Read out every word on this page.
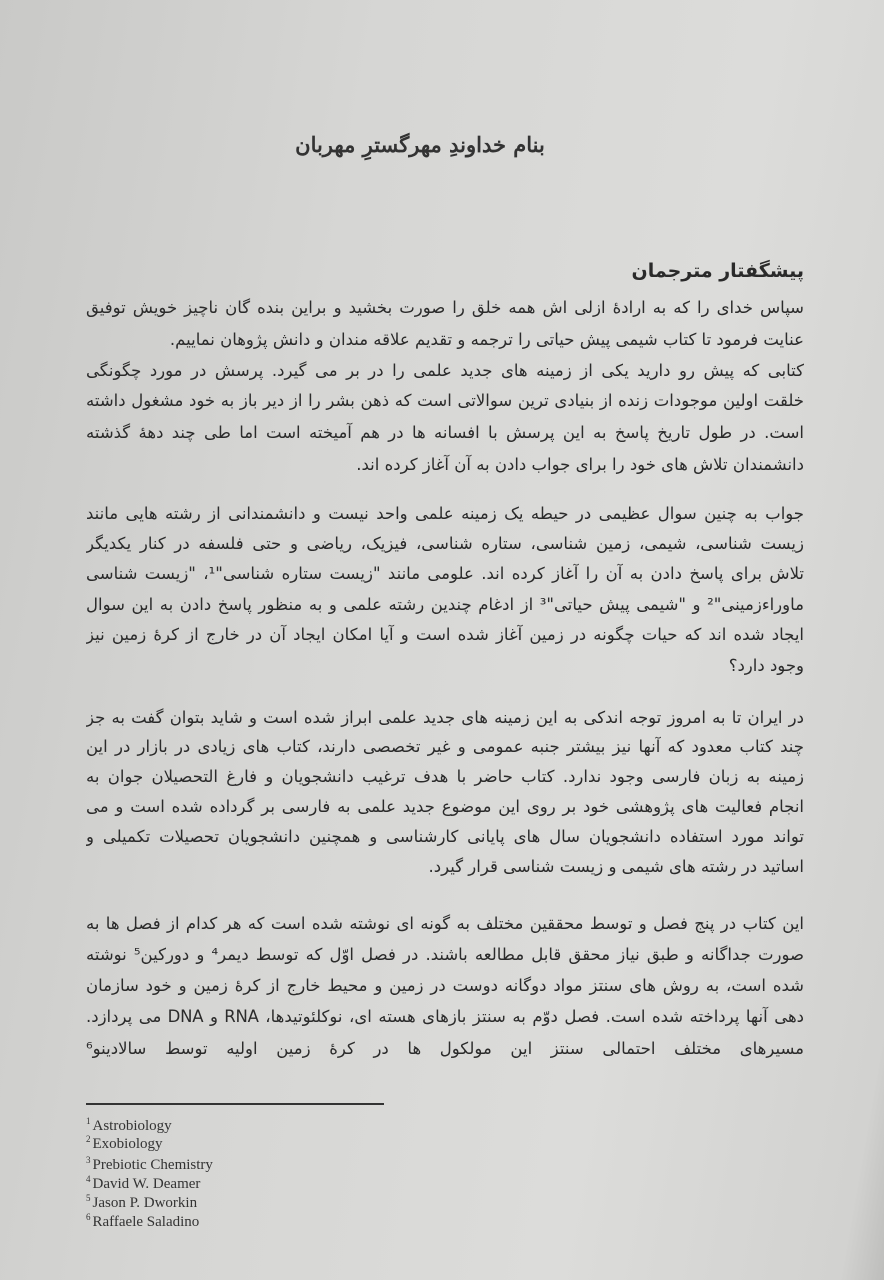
بنام خداوندِ مهرگسترِ مهربان
پیشگفتار مترجمان
سپاس خدای را که به ارادهٔ ازلی اش همه خلق را صورت بخشید و براین بنده گان ناچیز خویش توفیق
عنایت فرمود تا کتاب شیمی پیش حیاتی را ترجمه و تقدیم علاقه مندان و دانش پژوهان نماییم.
کتابی که پیش رو دارید یکی از زمینه های جدید علمی را در بر می گیرد. پرسش در مورد چگونگی
خلقت اولین موجودات زنده از بنیادی ترین سوالاتی است که ذهن بشر را از دیر باز به خود مشغول داشته
است. در طول تاریخ پاسخ به این پرسش با افسانه ها در هم آمیخته است اما طی چند دههٔ گذشته
دانشمندان تلاش های خود را برای جواب دادن به آن آغاز کرده اند.
جواب به چنین سوال عظیمی در حیطه یک زمینه علمی واحد نیست و دانشمندانی از رشته هایی مانند
زیست شناسی، شیمی، زمین شناسی، ستاره شناسی، فیزیک، ریاضی و حتی فلسفه در کنار یکدیگر
تلاش برای پاسخ دادن به آن را آغاز کرده اند. علومی مانند "زیست ستاره شناسی"¹، "زیست شناسی
ماوراءزمینی"² و "شیمی پیش حیاتی"³ از ادغام چندین رشته علمی و به منظور پاسخ دادن به این سوال
ایجاد شده اند که حیات چگونه در زمین آغاز شده است و آیا امکان ایجاد آن در خارج از کرهٔ زمین نیز
وجود دارد؟
در ایران تا به امروز توجه اندکی به این زمینه های جدید علمی ابراز شده است و شاید بتوان گفت به جز
چند کتاب معدود که آنها نیز بیشتر جنبه عمومی و غیر تخصصی دارند، کتاب های زیادی در بازار در این
زمینه به زبان فارسی وجود ندارد. کتاب حاضر با هدف ترغیب دانشجویان و فارغ التحصیلان جوان به
انجام فعالیت های پژوهشی خود بر روی این موضوع جدید علمی به فارسی بر گرداده شده است و می
تواند مورد استفاده دانشجویان سال های پایانی کارشناسی و همچنین دانشجویان تحصیلات تکمیلی و
اساتید در رشته های شیمی و زیست شناسی قرار گیرد.
این کتاب در پنج فصل و توسط محققین مختلف به گونه ای نوشته شده است که هر کدام از فصل ها به
صورت جداگانه و طبق نیاز محقق قابل مطالعه باشند. در فصل اوّل که توسط دیمر⁴ و دورکین⁵ نوشته
شده است، به روش های سنتز مواد دوگانه دوست در زمین و محیط خارج از کرهٔ زمین و خود سازمان
دهی آنها پرداخته شده است. فصل دوّم به سنتز بازهای هسته ای، نوکلئوتیدها، RNA و DNA می پردازد.
مسیرهای مختلف احتمالی سنتز این مولکول ها در کرهٔ زمین اولیه توسط سالادینو⁶
$^1$ Astrobiology
$^2$ Exobiology
$^3$ Prebiotic Chemistry
$^4$ David W. Deamer
$^5$ Jason P. Dworkin
$^6$ Raffaele Saladino
